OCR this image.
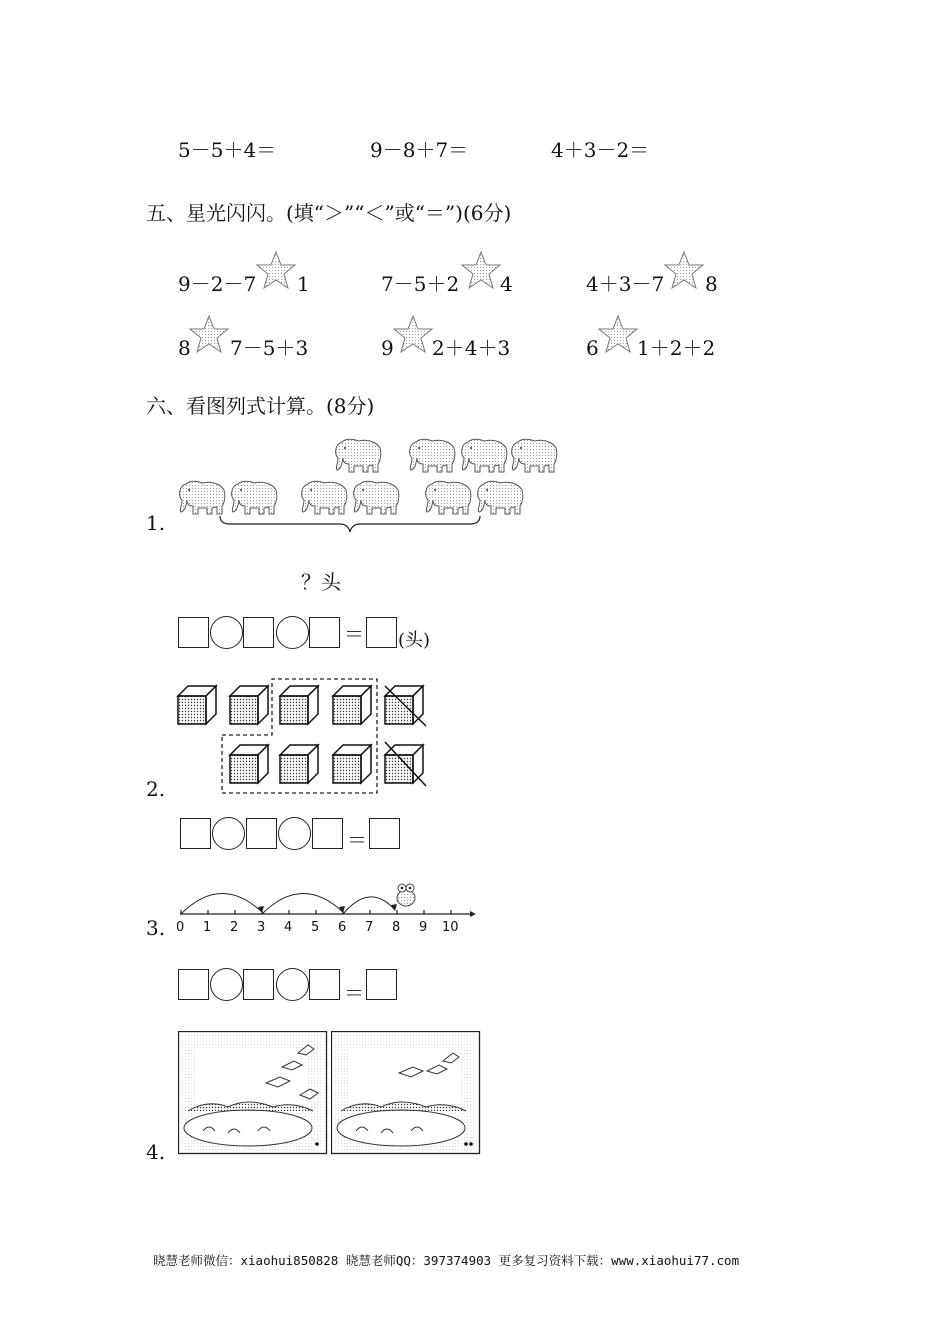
5－5＋4＝	9－8＋7＝	4＋3－2＝
五、星光闪闪。(填“＞”“＜”或“＝”)(6分)
9－2－7 1	7－5＋2 4	4＋3－7 8
8 7－5＋3	9 2＋4＋3	6 1＋2＋2
六、看图列式计算。(8分)
1.
？头
＝ (头)
2.
＝
3. 0 1 2 3 4 5 6 7 8 9 10
＝
4.
晓慧老师微信：xiaohui850828 晓慧老师QQ：397374903 更多复习资料下载：www.xiaohui77.com
